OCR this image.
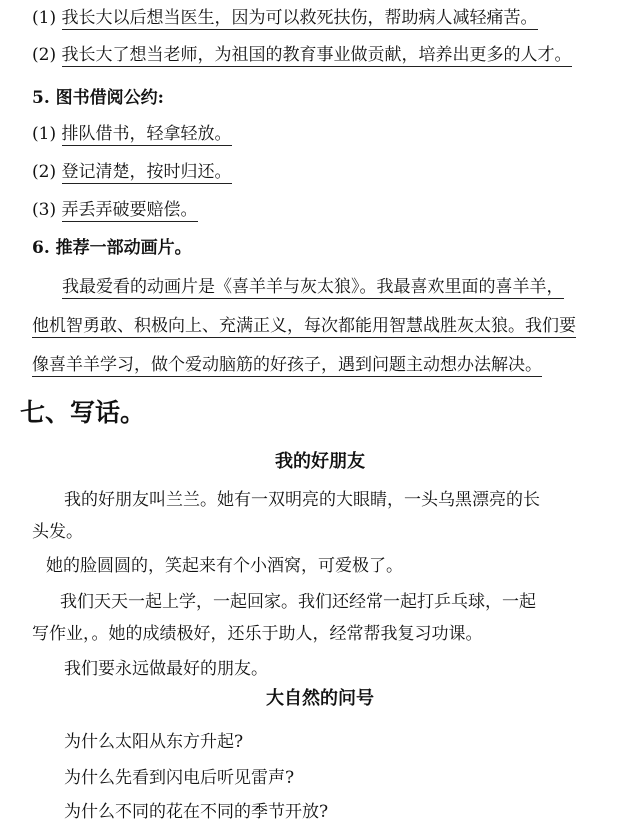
(1) 我长大以后想当医生，因为可以救死扶伤，帮助病人减轻痛苦。
(2) 我长大了想当老师，为祖国的教育事业做贡献，培养出更多的人才。
5. 图书借阅公约:
(1) 排队借书，轻拿轻放。
(2) 登记清楚，按时归还。
(3) 弄丢弄破要赔偿。
6. 推荐一部动画片。
我最爱看的动画片是《喜羊羊与灰太狼》。我最喜欢里面的喜羊羊，
他机智勇敢、积极向上、充满正义，每次都能用智慧战胜灰太狼。我们要
像喜羊羊学习，做个爱动脑筋的好孩子，遇到问题主动想办法解决。
七、写话。
我的好朋友
我的好朋友叫兰兰。她有一双明亮的大眼睛，一头乌黑漂亮的长
头发。
她的脸圆圆的，笑起来有个小酒窝，可爱极了。
我们天天一起上学，一起回家。我们还经常一起打乒乓球，一起
写作业，。她的成绩极好，还乐于助人，经常帮我复习功课。
我们要永远做最好的朋友。
大自然的问号
为什么太阳从东方升起?
为什么先看到闪电后听见雷声?
为什么不同的花在不同的季节开放?
